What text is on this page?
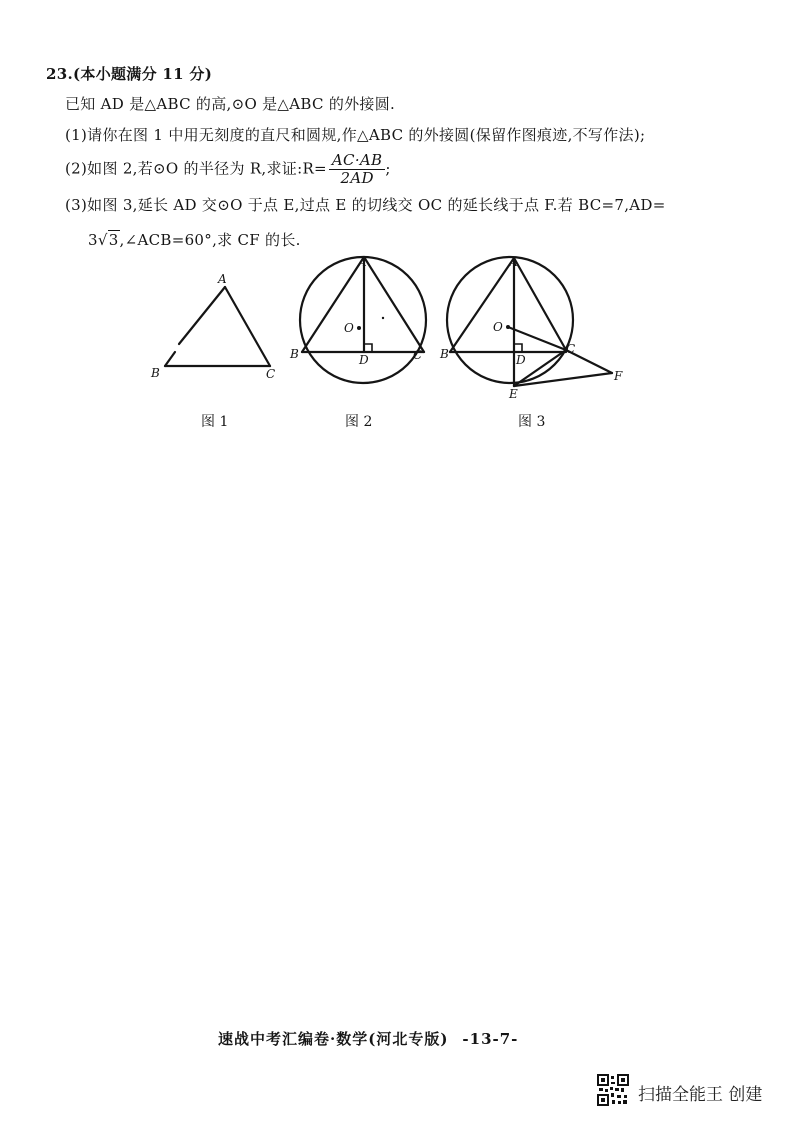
23.(本小题满分 11 分)
已知 AD 是△ABC 的高,⊙O 是△ABC 的外接圆.
(1)请你在图 1 中用无刻度的直尺和圆规,作△ABC 的外接圆(保留作图痕迹,不写作法);
(2)如图 2,若⊙O 的半径为 R,求证:R= $\frac{AC\cdot AB}{2AD}$ ;
(3)如图 3,延长 AD 交⊙O 于点 E,过点 E 的切线交 OC 的延长线于点 F.若 BC=7,AD=
3√3,∠ACB=60°,求 CF 的长.
A
B	C
A
B	C
D
O
A
B	C
D
O
E
F
图 1	图 2	图 3
速战中考汇编卷·数学(河北专版) -13-7-
扫描全能王 创建
